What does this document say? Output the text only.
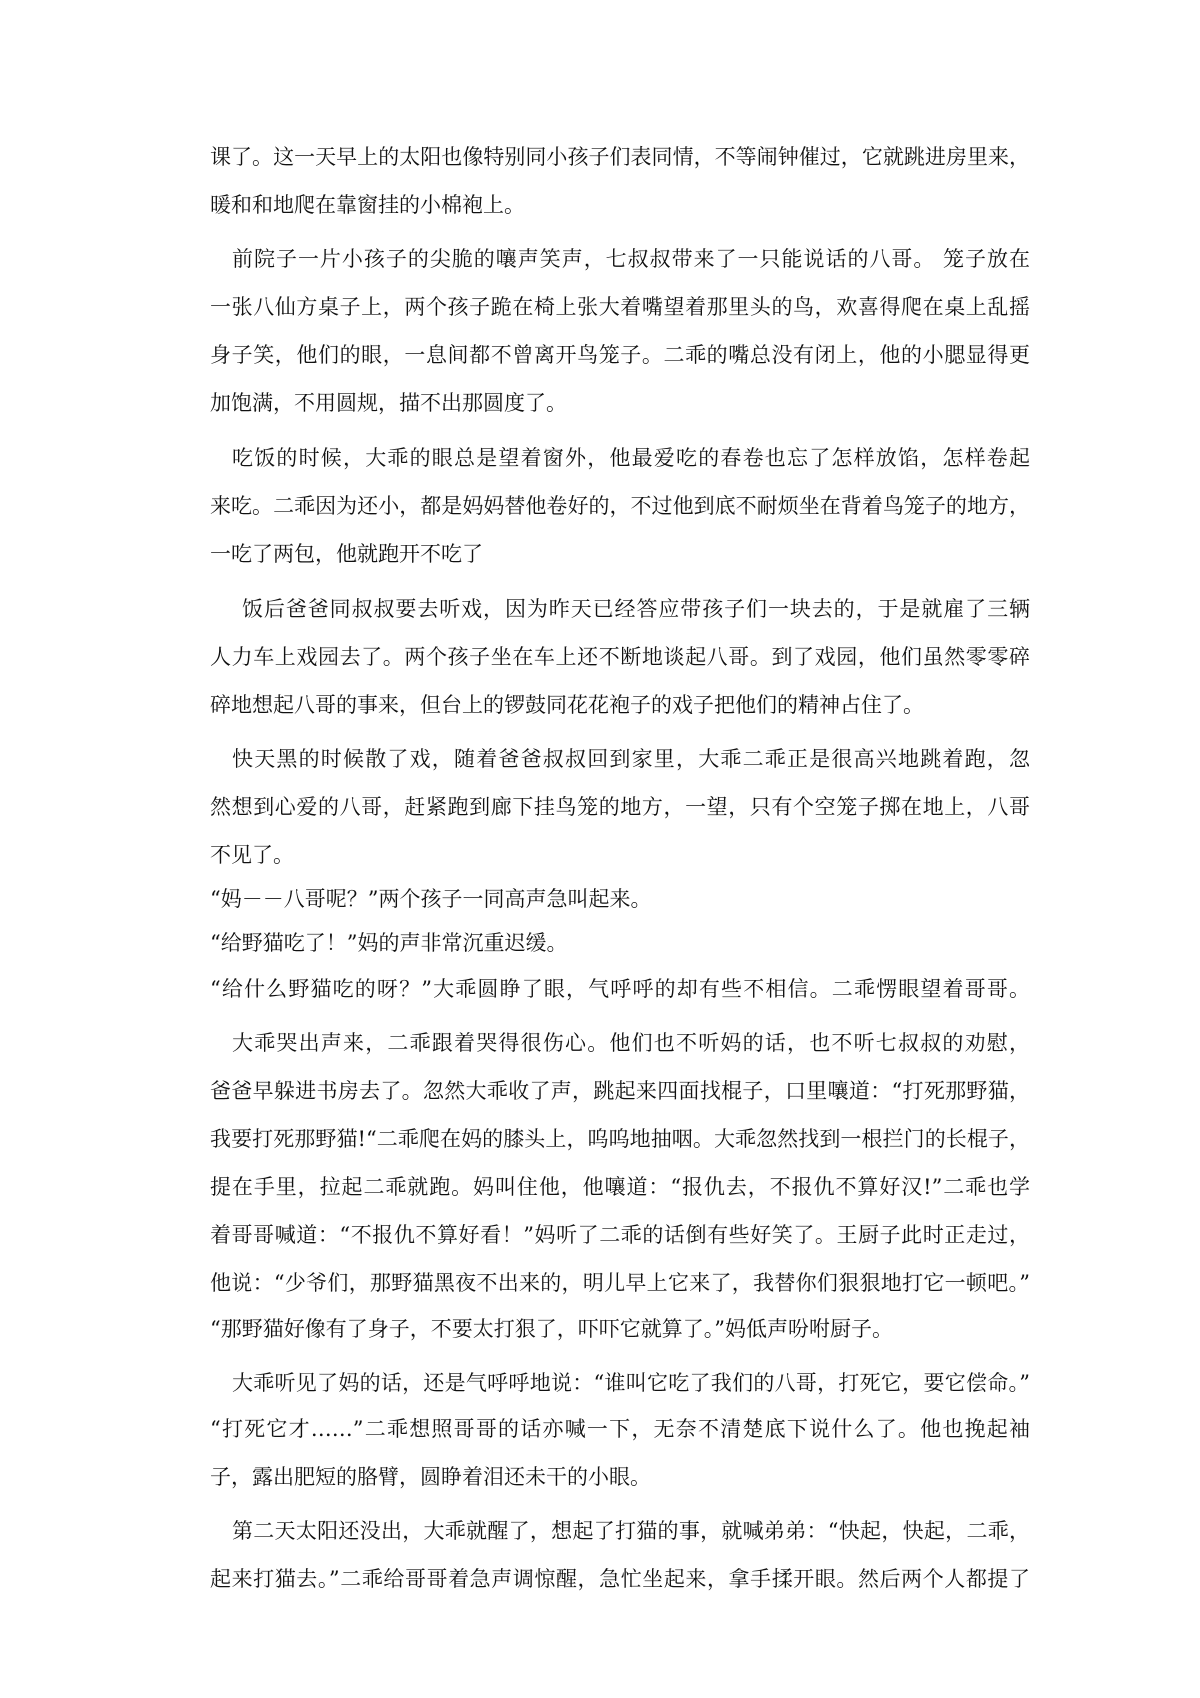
课了。这一天早上的太阳也像特别同小孩子们表同情，不等闹钟催过，它就跳进房里来，
暖和和地爬在靠窗挂的小棉袍上。
前院子一片小孩子的尖脆的嚷声笑声，七叔叔带来了一只能说话的八哥。 笼子放在
一张八仙方桌子上，两个孩子跪在椅上张大着嘴望着那里头的鸟，欢喜得爬在桌上乱摇
身子笑，他们的眼，一息间都不曾离开鸟笼子。二乖的嘴总没有闭上，他的小腮显得更
加饱满，不用圆规，描不出那圆度了。
吃饭的时候，大乖的眼总是望着窗外，他最爱吃的春卷也忘了怎样放馅，怎样卷起
来吃。二乖因为还小，都是妈妈替他卷好的，不过他到底不耐烦坐在背着鸟笼子的地方，
一吃了两包，他就跑开不吃了
饭后爸爸同叔叔要去听戏，因为昨天已经答应带孩子们一块去的，于是就雇了三辆
人力车上戏园去了。两个孩子坐在车上还不断地谈起八哥。到了戏园，他们虽然零零碎
碎地想起八哥的事来，但台上的锣鼓同花花袍子的戏子把他们的精神占住了。
快天黑的时候散了戏，随着爸爸叔叔回到家里，大乖二乖正是很高兴地跳着跑，忽
然想到心爱的八哥，赶紧跑到廊下挂鸟笼的地方，一望，只有个空笼子掷在地上，八哥
不见了。
“妈－－八哥呢？”两个孩子一同高声急叫起来。
“给野猫吃了！”妈的声非常沉重迟缓。
“给什么野猫吃的呀？”大乖圆睁了眼，气呼呼的却有些不相信。二乖愣眼望着哥哥。
大乖哭出声来，二乖跟着哭得很伤心。他们也不听妈的话，也不听七叔叔的劝慰，
爸爸早躲进书房去了。忽然大乖收了声，跳起来四面找棍子，口里嚷道：“打死那野猫，
我要打死那野猫!“二乖爬在妈的膝头上，呜呜地抽咽。大乖忽然找到一根拦门的长棍子，
提在手里，拉起二乖就跑。妈叫住他，他嚷道：“报仇去，不报仇不算好汉!”二乖也学
着哥哥喊道：“不报仇不算好看！”妈听了二乖的话倒有些好笑了。王厨子此时正走过，
他说：“少爷们，那野猫黑夜不出来的，明儿早上它来了，我替你们狠狠地打它一顿吧。”
“那野猫好像有了身子，不要太打狠了，吓吓它就算了。”妈低声吩咐厨子。
大乖听见了妈的话，还是气呼呼地说：“谁叫它吃了我们的八哥，打死它，要它偿命。”
“打死它才……”二乖想照哥哥的话亦喊一下，无奈不清楚底下说什么了。他也挽起袖
子，露出肥短的胳臂，圆睁着泪还未干的小眼。
第二天太阳还没出，大乖就醒了，想起了打猫的事，就喊弟弟：“快起，快起，二乖，
起来打猫去。”二乖给哥哥着急声调惊醒，急忙坐起来，拿手揉开眼。然后两个人都提了
